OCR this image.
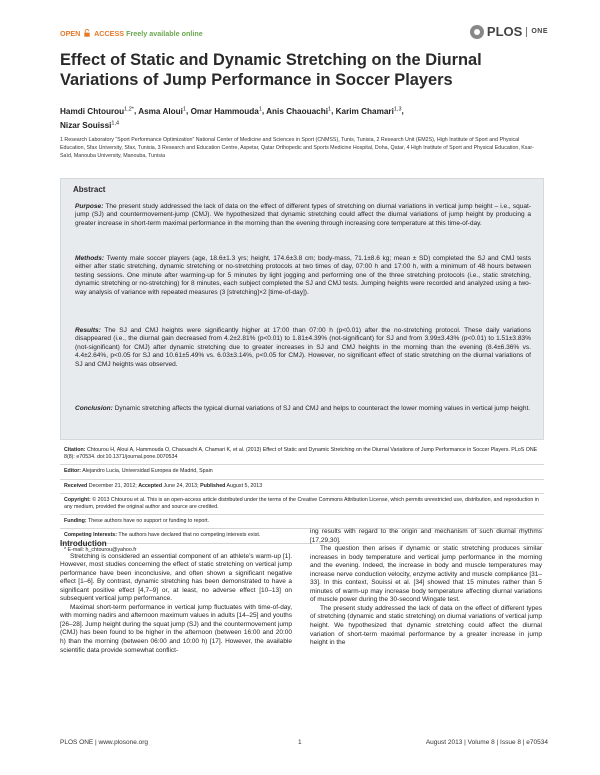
OPEN ACCESS Freely available online	PLOS ONE
Effect of Static and Dynamic Stretching on the Diurnal Variations of Jump Performance in Soccer Players
Hamdi Chtourou$^{1,2*}$, Asma Aloui$^1$, Omar Hammouda$^1$, Anis Chaouachi$^1$, Karim Chamari$^{1,3}$,
Nizar Souissi$^{1,4}$
1 Research Laboratory “Sport Performance Optimization” National Center of Medicine and Sciences in Sport (CNMSS), Tunis, Tunisia, 2 Research Unit (EM2S), High Institute of Sport and Physical Education, Sfax University, Sfax, Tunisia, 3 Research and Education Centre, Aspetar, Qatar Orthopedic and Sports Medicine Hospital, Doha, Qatar, 4 High Institute of Sport and Physical Education, Ksar-Saïd, Manouba University, Manouba, Tunisia
Abstract

Purpose: The present study addressed the lack of data on the effect of different types of stretching on diurnal variations in vertical jump height – i.e., squat-jump (SJ) and countermovement-jump (CMJ). We hypothesized that dynamic stretching could affect the diurnal variations of jump height by producing a greater increase in short-term maximal performance in the morning than the evening through increasing core temperature at this time-of-day.

Methods: Twenty male soccer players (age, 18.6±1.3 yrs; height, 174.6±3.8 cm; body-mass, 71.1±8.6 kg; mean ± SD) completed the SJ and CMJ tests either after static stretching, dynamic stretching or no-stretching protocols at two times of day, 07:00 h and 17:00 h, with a minimum of 48 hours between testing sessions. One minute after warming-up for 5 minutes by light jogging and performing one of the three stretching protocols (i.e., static stretching, dynamic stretching or no-stretching) for 8 minutes, each subject completed the SJ and CMJ tests. Jumping heights were recorded and analyzed using a two-way analysis of variance with repeated measures (3 [stretching]×2 [time-of-day]).

Results: The SJ and CMJ heights were significantly higher at 17:00 than 07:00 h (p<0.01) after the no-stretching protocol. These daily variations disappeared (i.e., the diurnal gain decreased from 4.2±2.81% (p<0.01) to 1.81±4.39% (not-significant) for SJ and from 3.99±3.43% (p<0.01) to 1.51±3.83% (not-significant) for CMJ) after dynamic stretching due to greater increases in SJ and CMJ heights in the morning than the evening (8.4±6.36% vs. 4.4±2.64%, p<0.05 for SJ and 10.61±5.49% vs. 6.03±3.14%, p<0.05 for CMJ). However, no significant effect of static stretching on the diurnal variations of SJ and CMJ heights was observed.

Conclusion: Dynamic stretching affects the typical diurnal variations of SJ and CMJ and helps to counteract the lower morning values in vertical jump height.

Citation: Chtourou H, Aloui A, Hammouda O, Chaouachi A, Chamari K, et al. (2013) Effect of Static and Dynamic Stretching on the Diurnal Variations of Jump Performance in Soccer Players. PLoS ONE 8(8): e70534. doi:10.1371/journal.pone.0070534
Editor: Alejandro Lucia, Universidad Europea de Madrid, Spain
Received December 21, 2012; Accepted June 24, 2013; Published August 5, 2013
Copyright: © 2013 Chtourou et al. This is an open-access article distributed under the terms of the Creative Commons Attribution License, which permits unrestricted use, distribution, and reproduction in any medium, provided the original author and source are credited.
Funding: These authors have no support or funding to report.
Competing Interests: The authors have declared that no competing interests exist.
* E-mail: h_chtourou@yahoo.fr
Introduction

Stretching is considered an essential component of an athlete’s warm-up [1]. However, most studies concerning the effect of static stretching on vertical jump performance have been inconclusive, and often shown a significant negative effect [1–6]. By contrast, dynamic stretching has been demonstrated to have a significant positive effect [4,7–9] or, at least, no adverse effect [10–13] on subsequent vertical jump performance.

Maximal short-term performance in vertical jump fluctuates with time-of-day, with morning nadirs and afternoon maximum values in adults [14–25] and youths [26–28]. Jump height during the squat jump (SJ) and the countermovement jump (CMJ) has been found to be higher in the afternoon (between 16:00 and 20:00 h) than the morning (between 06:00 and 10:00 h) [17]. However, the available scientific data provide somewhat conflict-

ing results with regard to the origin and mechanism of such diurnal rhythms [17,29,30].

The question then arises if dynamic or static stretching produces similar increases in body temperature and vertical jump performance in the morning and the evening. Indeed, the increase in body and muscle temperatures may increase nerve conduction velocity, enzyme activity and muscle compliance [31–33]. In this context, Souissi et al. [34] showed that 15 minutes rather than 5 minutes of warm-up may increase body temperature affecting diurnal variations of muscle power during the 30-second Wingate test.

The present study addressed the lack of data on the effect of different types of stretching (dynamic and static stretching) on diurnal variations of vertical jump height. We hypothesized that dynamic stretching could affect the diurnal variation of short-term maximal performance by a greater increase in jump height in the

PLOS ONE | www.plosone.org	1	August 2013 | Volume 8 | Issue 8 | e70534
